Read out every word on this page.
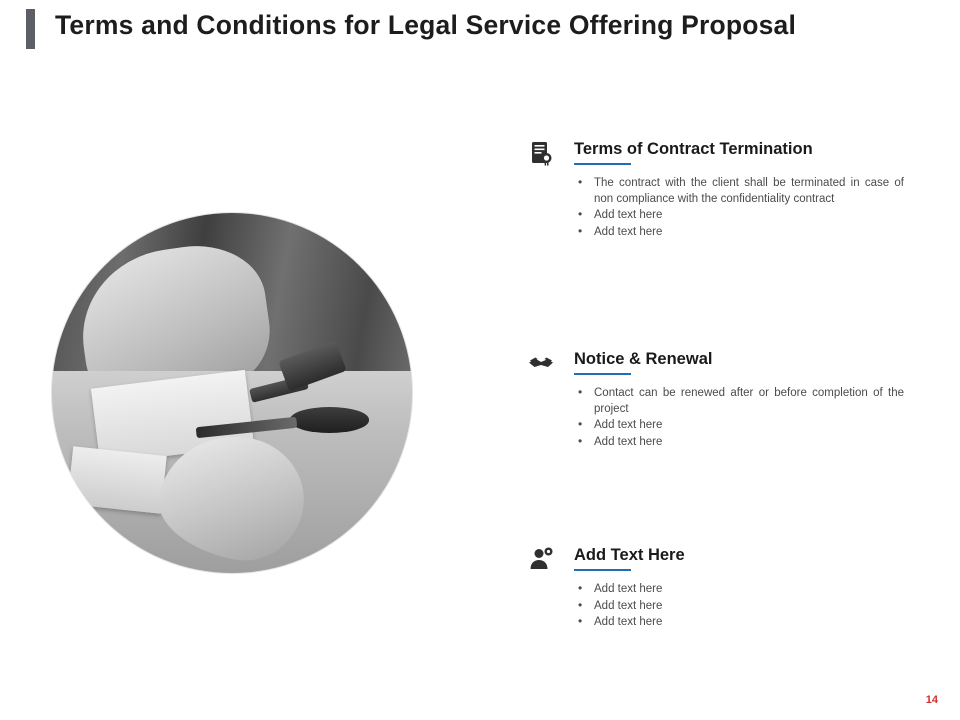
Terms and Conditions for Legal Service Offering Proposal
Terms of Contract Termination
• The contract with the client shall be terminated in case of non compliance with the confidentiality contract
• Add text here
• Add text here
Notice & Renewal
• Contact can be renewed after or before completion of the project
• Add text here
• Add text here
Add Text Here
• Add text here
• Add text here
• Add text here
14
